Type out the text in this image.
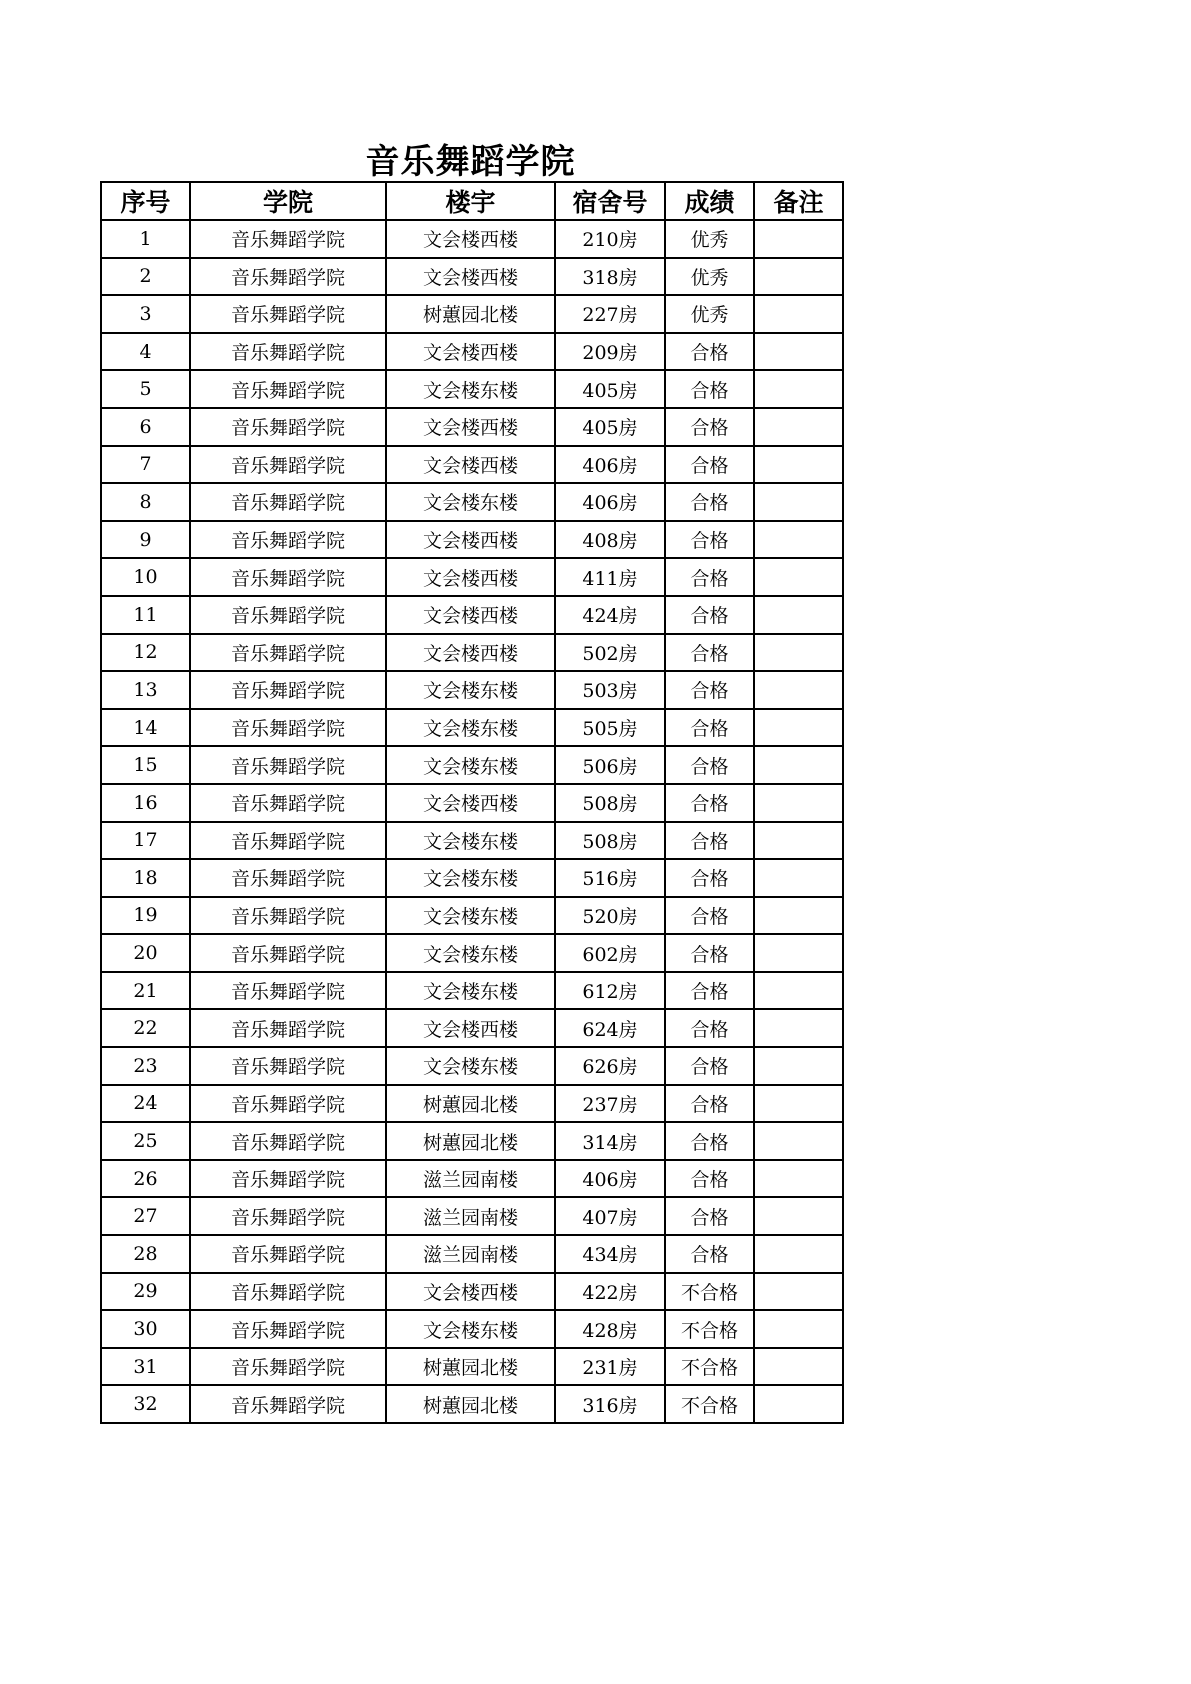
音乐舞蹈学院
序号	学院	楼宇	宿舍号	成绩	备注
1	音乐舞蹈学院	文会楼西楼	210房	优秀	
2	音乐舞蹈学院	文会楼西楼	318房	优秀	
3	音乐舞蹈学院	树蕙园北楼	227房	优秀	
4	音乐舞蹈学院	文会楼西楼	209房	合格	
5	音乐舞蹈学院	文会楼东楼	405房	合格	
6	音乐舞蹈学院	文会楼西楼	405房	合格	
7	音乐舞蹈学院	文会楼西楼	406房	合格	
8	音乐舞蹈学院	文会楼东楼	406房	合格	
9	音乐舞蹈学院	文会楼西楼	408房	合格	
10	音乐舞蹈学院	文会楼西楼	411房	合格	
11	音乐舞蹈学院	文会楼西楼	424房	合格	
12	音乐舞蹈学院	文会楼西楼	502房	合格	
13	音乐舞蹈学院	文会楼东楼	503房	合格	
14	音乐舞蹈学院	文会楼东楼	505房	合格	
15	音乐舞蹈学院	文会楼东楼	506房	合格	
16	音乐舞蹈学院	文会楼西楼	508房	合格	
17	音乐舞蹈学院	文会楼东楼	508房	合格	
18	音乐舞蹈学院	文会楼东楼	516房	合格	
19	音乐舞蹈学院	文会楼东楼	520房	合格	
20	音乐舞蹈学院	文会楼东楼	602房	合格	
21	音乐舞蹈学院	文会楼东楼	612房	合格	
22	音乐舞蹈学院	文会楼西楼	624房	合格	
23	音乐舞蹈学院	文会楼东楼	626房	合格	
24	音乐舞蹈学院	树蕙园北楼	237房	合格	
25	音乐舞蹈学院	树蕙园北楼	314房	合格	
26	音乐舞蹈学院	滋兰园南楼	406房	合格	
27	音乐舞蹈学院	滋兰园南楼	407房	合格	
28	音乐舞蹈学院	滋兰园南楼	434房	合格	
29	音乐舞蹈学院	文会楼西楼	422房	不合格	
30	音乐舞蹈学院	文会楼东楼	428房	不合格	
31	音乐舞蹈学院	树蕙园北楼	231房	不合格	
32	音乐舞蹈学院	树蕙园北楼	316房	不合格	
